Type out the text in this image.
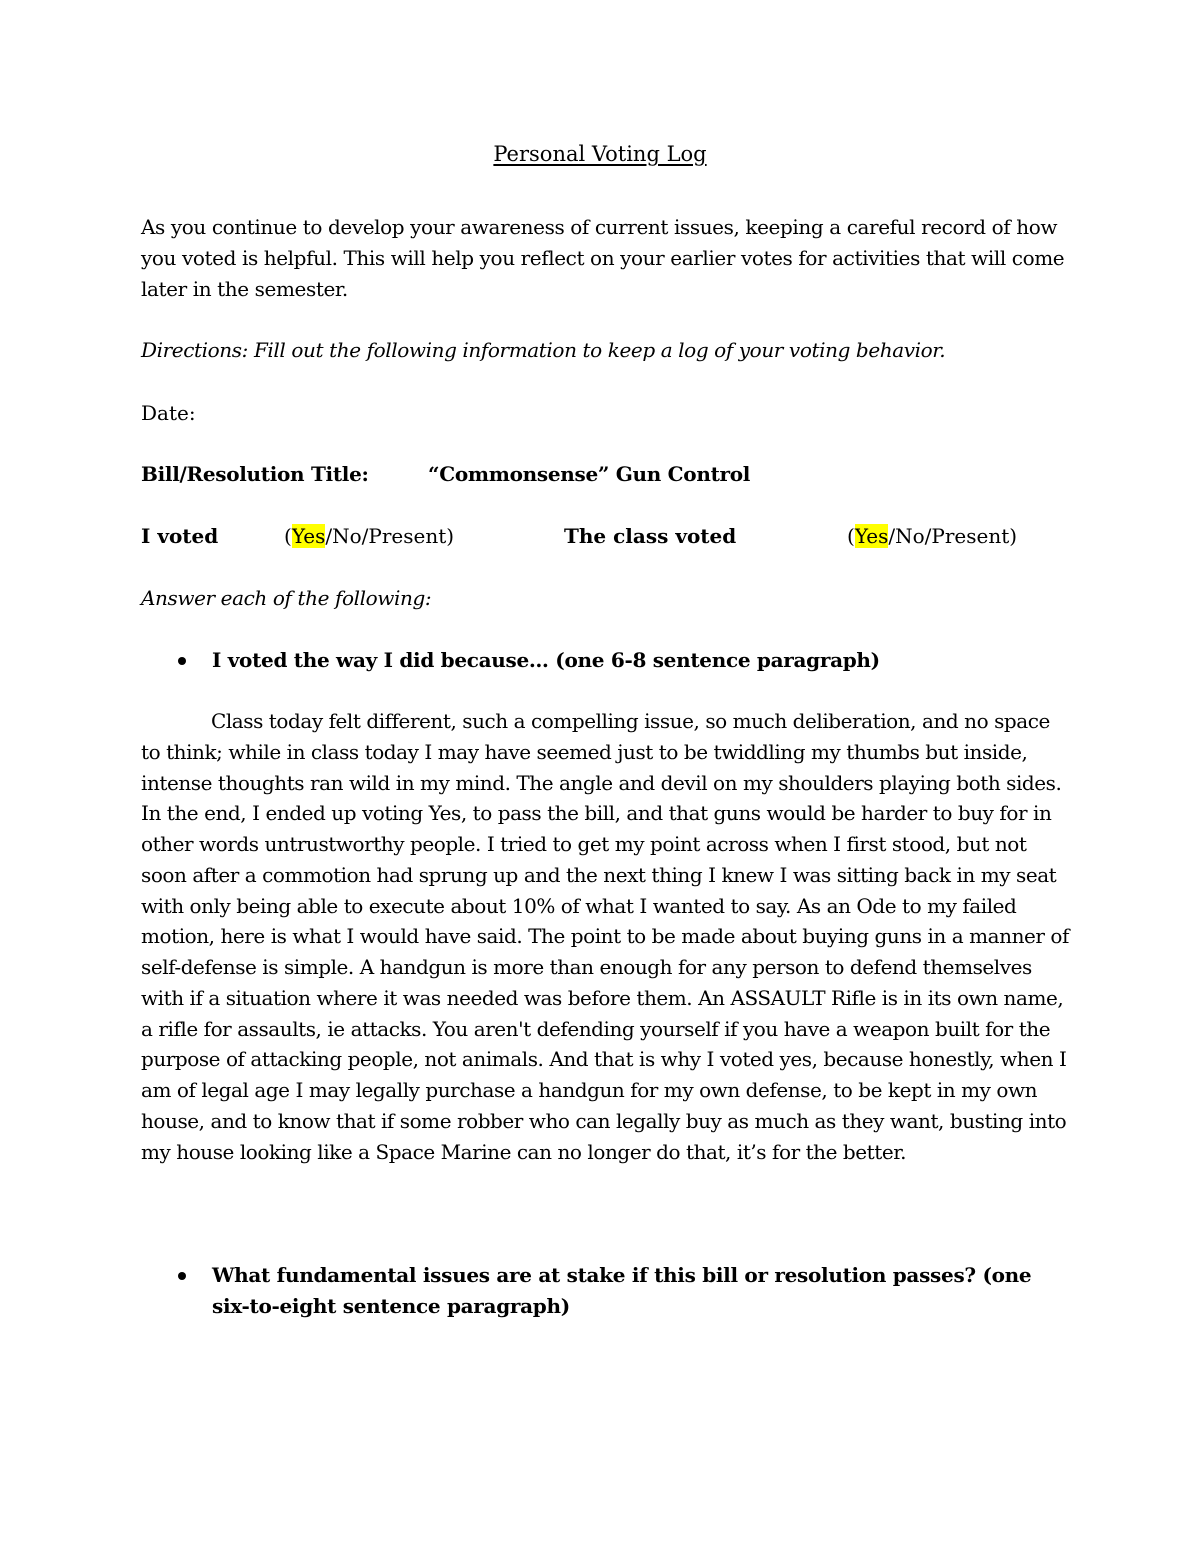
Personal Voting Log
As you continue to develop your awareness of current issues, keeping a careful record of how you voted is helpful. This will help you reflect on your earlier votes for activities that will come later in the semester.
Directions: Fill out the following information to keep a log of your voting behavior.
Date:
Bill/Resolution Title:	“Commonsense” Gun Control
I voted	(Yes/No/Present)	The class voted	(Yes/No/Present)
Answer each of the following:
I voted the way I did because… (one 6-8 sentence paragraph)
Class today felt different, such a compelling issue, so much deliberation, and no space to think; while in class today I may have seemed just to be twiddling my thumbs but inside, intense thoughts ran wild in my mind. The angle and devil on my shoulders playing both sides. In the end, I ended up voting Yes, to pass the bill, and that guns would be harder to buy for in other words untrustworthy people. I tried to get my point across when I first stood, but not soon after a commotion had sprung up and the next thing I knew I was sitting back in my seat with only being able to execute about 10% of what I wanted to say. As an Ode to my failed motion, here is what I would have said. The point to be made about buying guns in a manner of self-defense is simple. A handgun is more than enough for any person to defend themselves with if a situation where it was needed was before them. An ASSAULT Rifle is in its own name, a rifle for assaults, ie attacks. You aren't defending yourself if you have a weapon built for the purpose of attacking people, not animals. And that is why I voted yes, because honestly, when I am of legal age I may legally purchase a handgun for my own defense, to be kept in my own house, and to know that if some robber who can legally buy as much as they want, busting into my house looking like a Space Marine can no longer do that, it’s for the better.
What fundamental issues are at stake if this bill or resolution passes? (one six-to-eight sentence paragraph)
